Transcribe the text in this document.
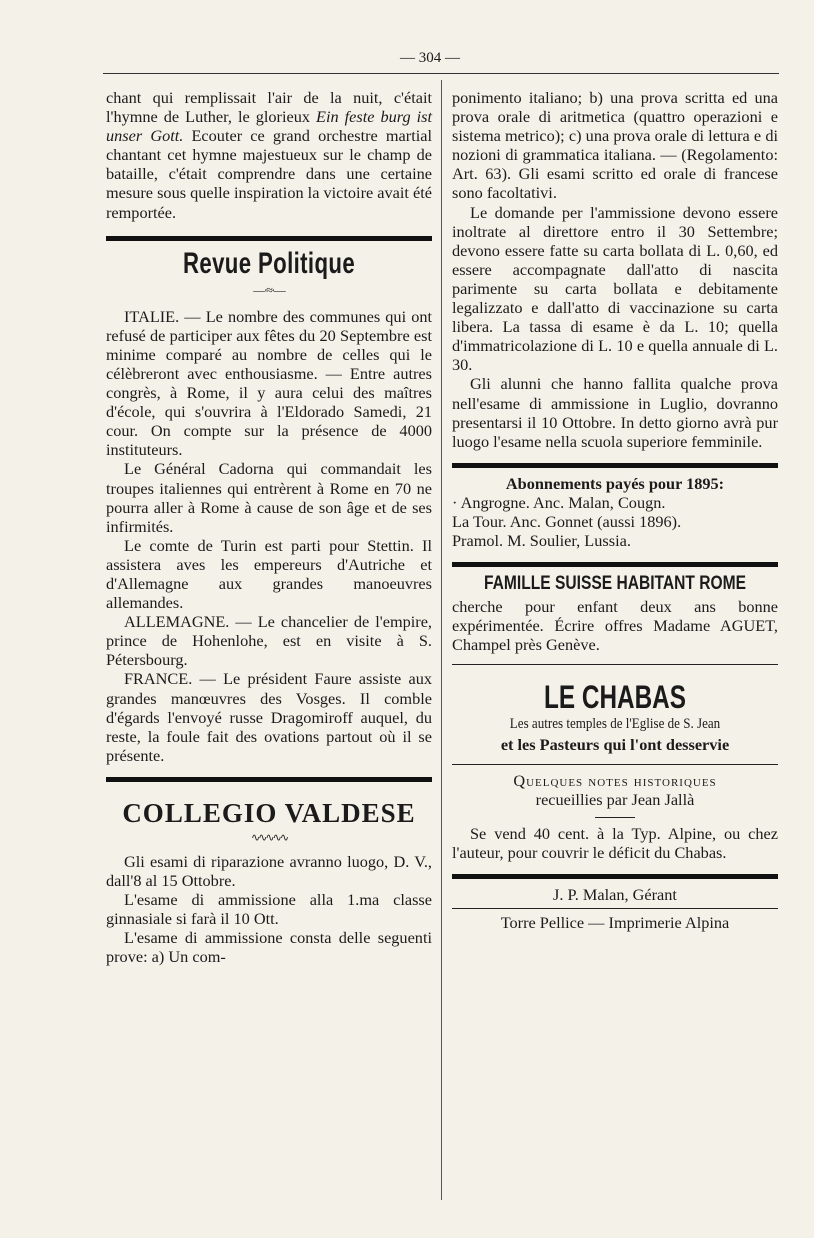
— 304 —

chant qui remplissait l'air de la nuit, c'était l'hymne de Luther, le glorieux Ein feste burg ist unser Gott. Ecouter ce grand orchestre martial chantant cet hymne majestueux sur le champ de bataille, c'était comprendre dans une certaine mesure sous quelle inspiration la victoire avait été remportée.

Revue Politique
—∙≈∙—

ITALIE. — Le nombre des communes qui ont refusé de participer aux fêtes du 20 Septembre est minime comparé au nombre de celles qui le célèbreront avec enthousiasme. — Entre autres congrès, à Rome, il y aura celui des maîtres d'école, qui s'ouvrira à l'Eldorado Samedi, 21 cour. On compte sur la présence de 4000 instituteurs.

Le Général Cadorna qui commandait les troupes italiennes qui entrèrent à Rome en 70 ne pourra aller à Rome à cause de son âge et de ses infirmités.

Le comte de Turin est parti pour Stettin. Il assistera aves les empereurs d'Autriche et d'Allemagne aux grandes manoeuvres allemandes.

ALLEMAGNE. — Le chancelier de l'empire, prince de Hohenlohe, est en visite à S. Pétersbourg.

FRANCE. — Le président Faure assiste aux grandes manœuvres des Vosges. Il comble d'égards l'envoyé russe Dragomiroff auquel, du reste, la foule fait des ovations partout où il se présente.

COLLEGIO VALDESE
∿∿∿∿∿

Gli esami di riparazione avranno luogo, D. V., dall'8 al 15 Ottobre.

L'esame di ammissione alla 1.ma classe ginnasiale si farà il 10 Ott.

L'esame di ammissione consta delle seguenti prove: a) Un com-

ponimento italiano; b) una prova scritta ed una prova orale di aritmetica (quattro operazioni e sistema metrico); c) una prova orale di lettura e di nozioni di grammatica italiana. — (Regolamento: Art. 63). Gli esami scritto ed orale di francese sono facoltativi.

Le domande per l'ammissione devono essere inoltrate al direttore entro il 30 Settembre; devono essere fatte su carta bollata di L. 0,60, ed essere accompagnate dall'atto di nascita parimente su carta bollata e debitamente legalizzato e dall'atto di vaccinazione su carta libera. La tassa di esame è da L. 10; quella d'immatricolazione di L. 10 e quella annuale di L. 30.

Gli alunni che hanno fallita qualche prova nell'esame di ammissione in Luglio, dovranno presentarsi il 10 Ottobre. In detto giorno avrà pur luogo l'esame nella scuola superiore femminile.

Abonnements payés pour 1895:

· Angrogne. Anc. Malan, Cougn.

La Tour. Anc. Gonnet (aussi 1896).

Pramol. M. Soulier, Lussia.

FAMILLE SUISSE HABITANT ROME

cherche pour enfant deux ans bonne expérimentée. Écrire offres Madame AGUET, Champel près Genève.

LE CHABAS
Les autres temples de l'Eglise de S. Jean
et les Pasteurs qui l'ont desservie
Quelques notes historiques
recueillies par Jean Jallà

Se vend 40 cent. à la Typ. Alpine, ou chez l'auteur, pour couvrir le déficit du Chabas.

J. P. Malan, Gérant
Torre Pellice — Imprimerie Alpina
